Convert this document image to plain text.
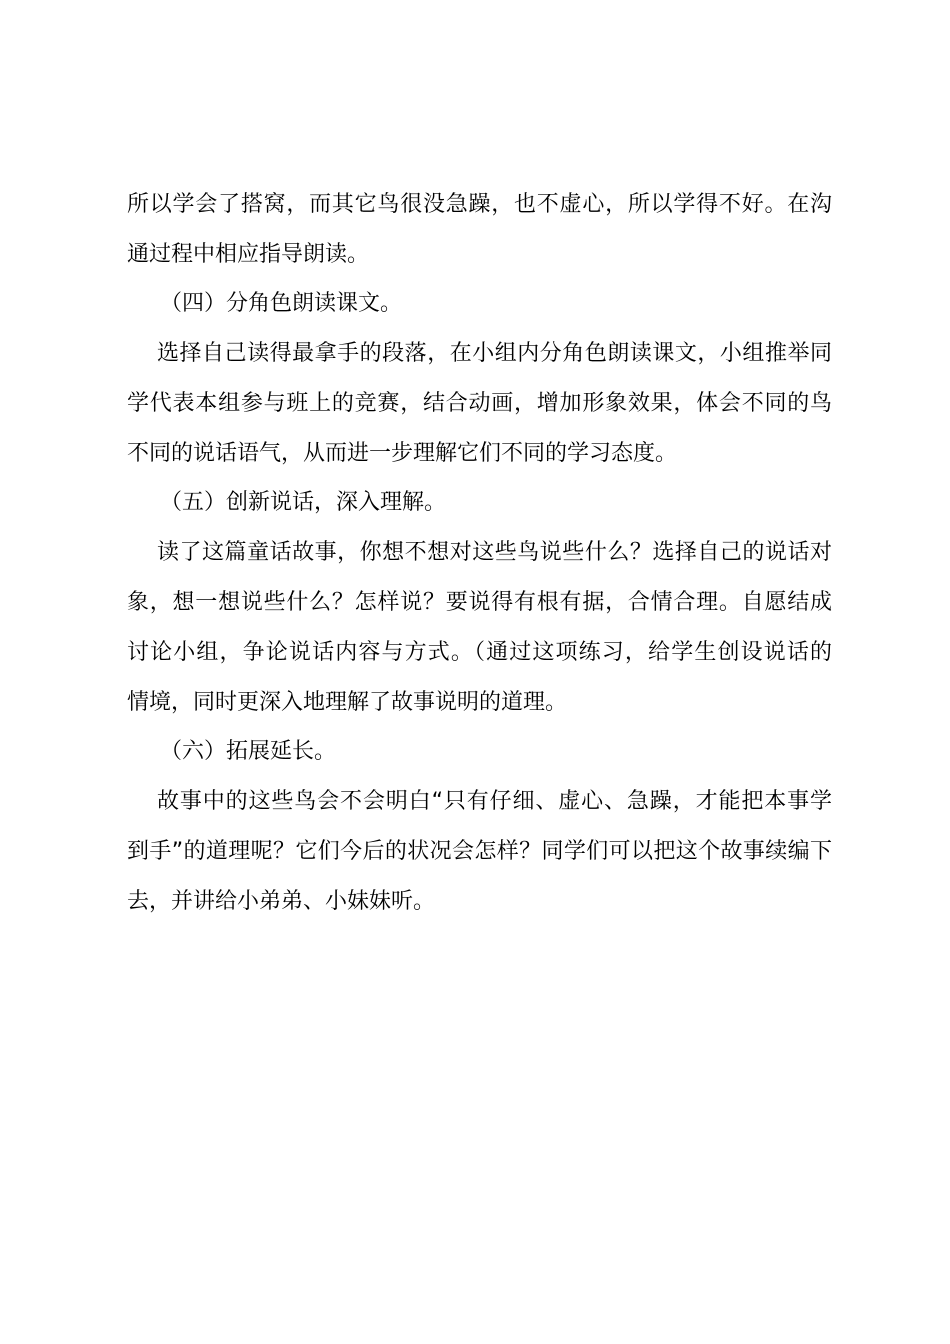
所以学会了搭窝，而其它鸟很没急躁，也不虚心，所以学得不好。在沟
通过程中相应指导朗读。
（四）分角色朗读课文。
选择自己读得最拿手的段落，在小组内分角色朗读课文，小组推举同
学代表本组参与班上的竞赛，结合动画，增加形象效果，体会不同的鸟
不同的说话语气，从而进一步理解它们不同的学习态度。
（五）创新说话，深入理解。
读了这篇童话故事，你想不想对这些鸟说些什么？选择自己的说话对
象，想一想说些什么？怎样说？要说得有根有据，合情合理。自愿结成
讨论小组，争论说话内容与方式。（通过这项练习，给学生创设说话的
情境，同时更深入地理解了故事说明的道理。
（六）拓展延长。
故事中的这些鸟会不会明白“只有仔细、虚心、急躁，才能把本事学
到手”的道理呢？它们今后的状况会怎样？同学们可以把这个故事续编下
去，并讲给小弟弟、小妹妹听。
